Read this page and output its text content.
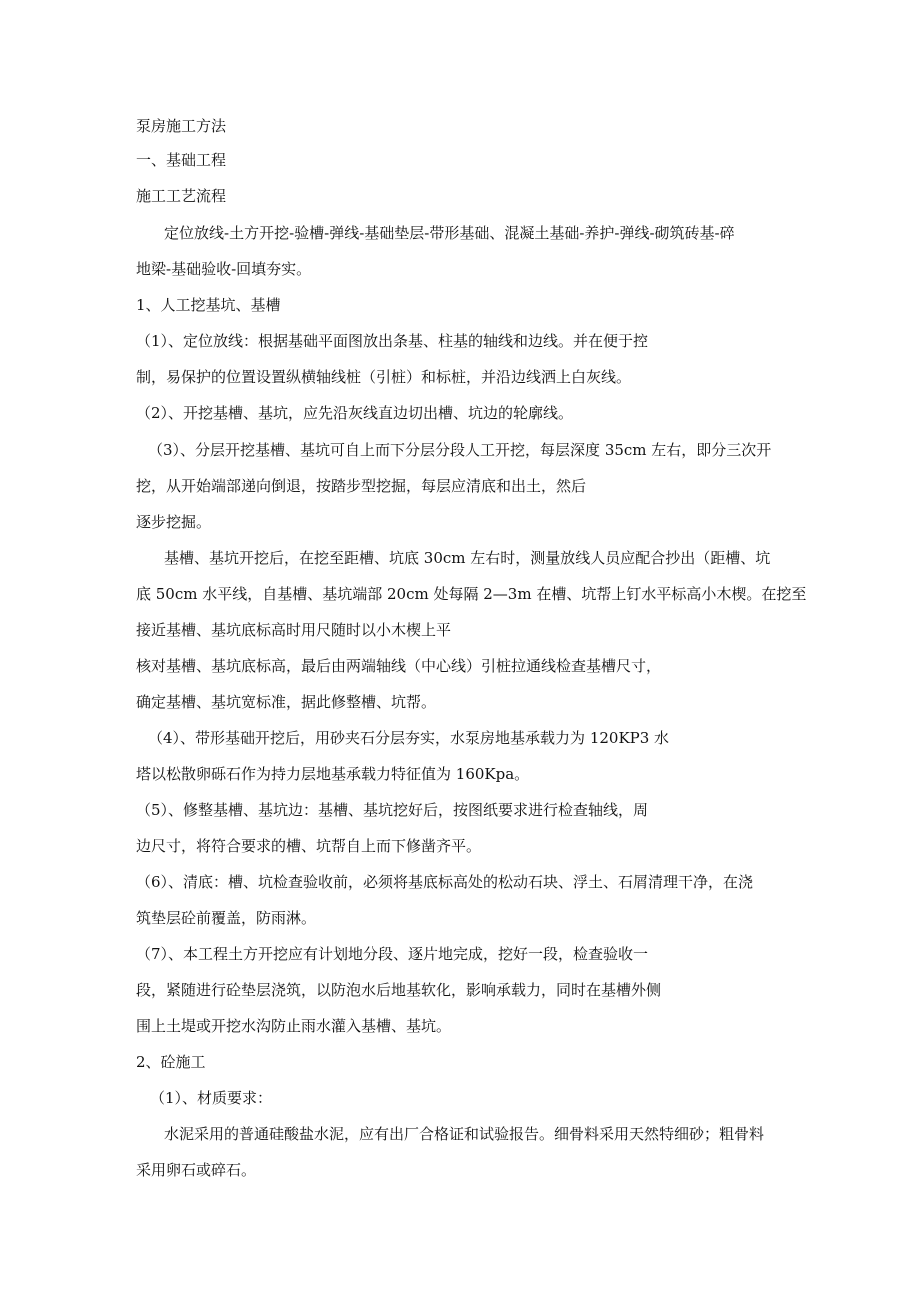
泵房施工方法
一、基础工程
施工工艺流程
定位放线-土方开挖-验槽-弹线-基础垫层-带形基础、混凝土基础-养护-弹线-砌筑砖基-碎
地梁-基础验收-回填夯实。
1、人工挖基坑、基槽
（1）、定位放线：根据基础平面图放出条基、柱基的轴线和边线。并在便于控
制，易保护的位置设置纵横轴线桩（引桩）和标桩，并沿边线洒上白灰线。
（2）、开挖基槽、基坑，应先沿灰线直边切出槽、坑边的轮廓线。
（3）、分层开挖基槽、基坑可自上而下分层分段人工开挖，每层深度 35cm 左右，即分三次开
挖，从开始端部递向倒退，按踏步型挖掘，每层应清底和出土，然后
逐步挖掘。
基槽、基坑开挖后，在挖至距槽、坑底 30cm 左右时，测量放线人员应配合抄出（距槽、坑
底 50cm 水平线，自基槽、基坑端部 20cm 处每隔 2—3m 在槽、坑帮上钉水平标高小木楔。在挖至
接近基槽、基坑底标高时用尺随时以小木楔上平
核对基槽、基坑底标高，最后由两端轴线（中心线）引桩拉通线检查基槽尺寸，
确定基槽、基坑宽标准，据此修整槽、坑帮。
（4）、带形基础开挖后，用砂夹石分层夯实，水泵房地基承载力为 120KP3 水
塔以松散卵砾石作为持力层地基承载力特征值为 160Kpa。
（5）、修整基槽、基坑边：基槽、基坑挖好后，按图纸要求进行检查轴线，周
边尺寸，将符合要求的槽、坑帮自上而下修凿齐平。
（6）、清底：槽、坑检查验收前，必须将基底标高处的松动石块、浮土、石屑清理干净，在浇
筑垫层砼前覆盖，防雨淋。
（7）、本工程土方开挖应有计划地分段、逐片地完成，挖好一段，检查验收一
段，紧随进行砼垫层浇筑，以防泡水后地基软化，影响承载力，同时在基槽外侧
围上土堤或开挖水沟防止雨水灌入基槽、基坑。
2、砼施工
（1）、材质要求：
水泥采用的普通硅酸盐水泥，应有出厂合格证和试验报告。细骨料采用天然特细砂；粗骨料
采用卵石或碎石。
